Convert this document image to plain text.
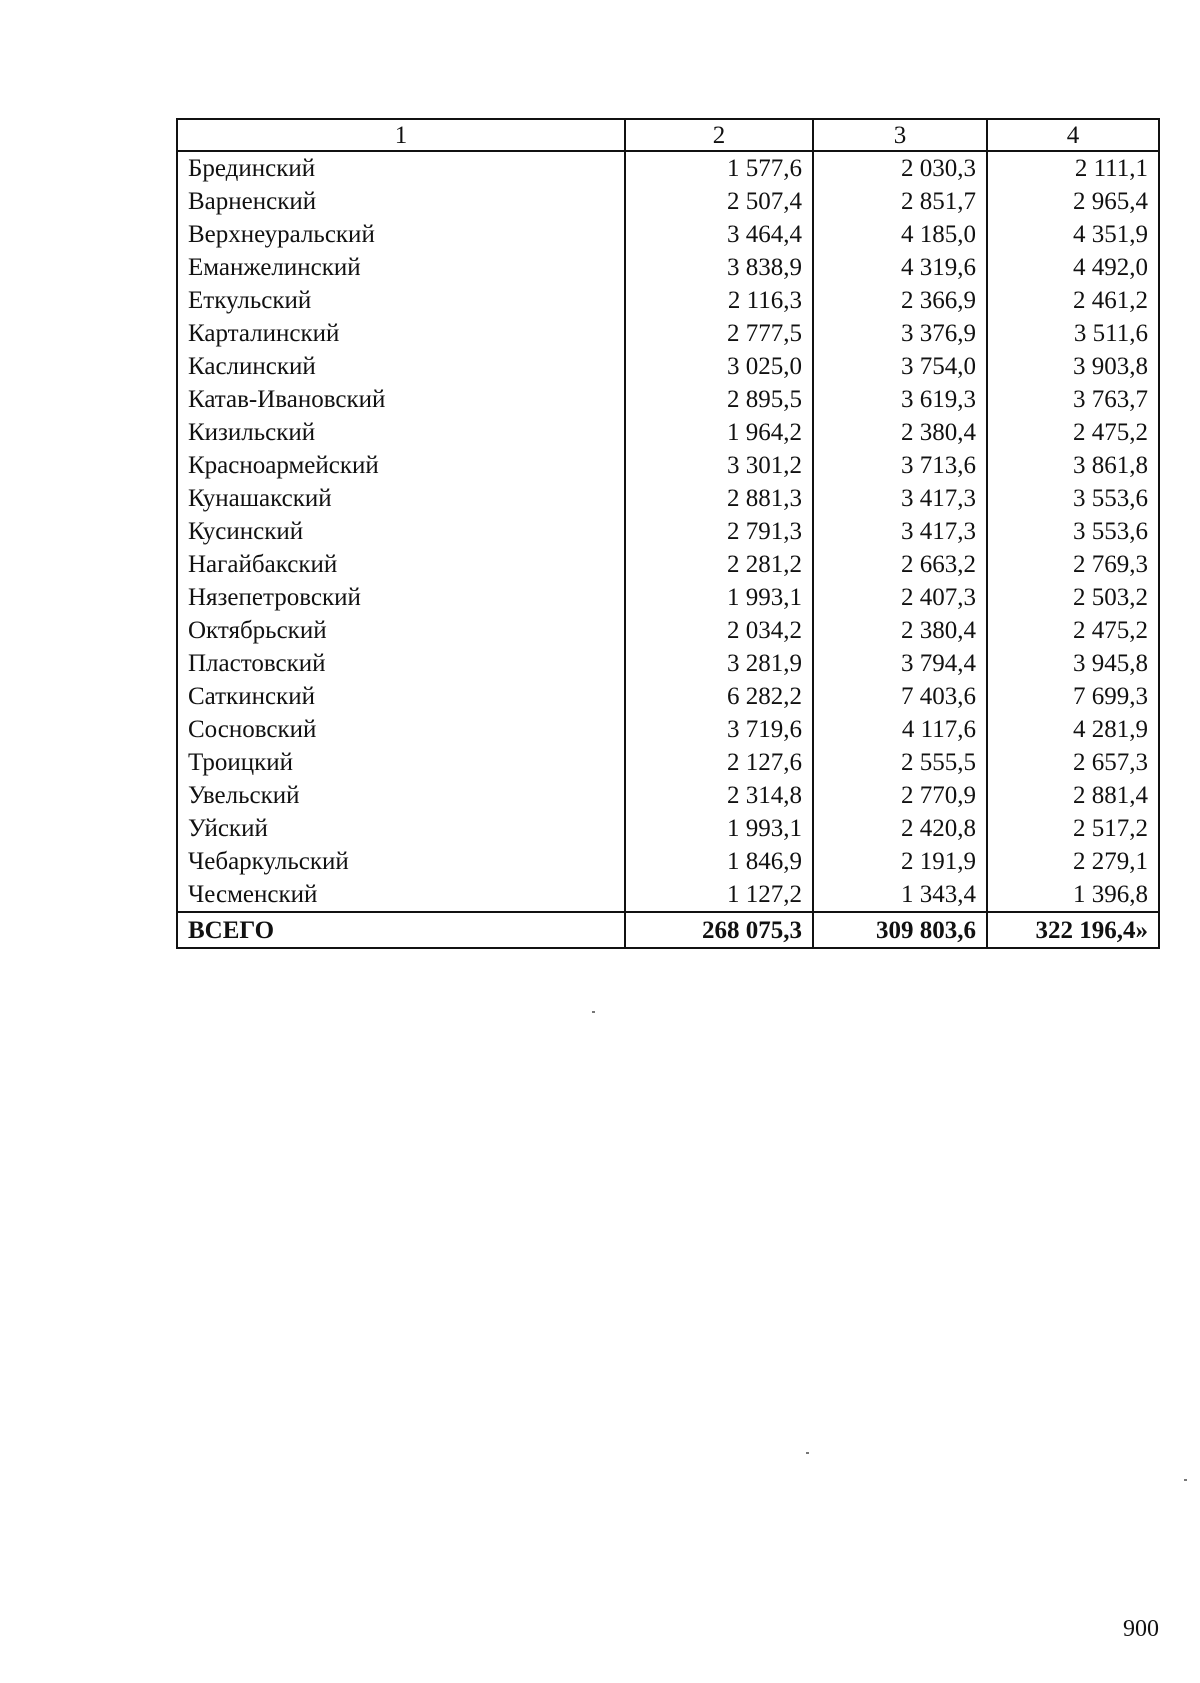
1	2	3	4
Брединский	1 577,6	2 030,3	2 111,1
Варненский	2 507,4	2 851,7	2 965,4
Верхнеуральский	3 464,4	4 185,0	4 351,9
Еманжелинский	3 838,9	4 319,6	4 492,0
Еткульский	2 116,3	2 366,9	2 461,2
Карталинский	2 777,5	3 376,9	3 511,6
Каслинский	3 025,0	3 754,0	3 903,8
Катав-Ивановский	2 895,5	3 619,3	3 763,7
Кизильский	1 964,2	2 380,4	2 475,2
Красноармейский	3 301,2	3 713,6	3 861,8
Кунашакский	2 881,3	3 417,3	3 553,6
Кусинский	2 791,3	3 417,3	3 553,6
Нагайбакский	2 281,2	2 663,2	2 769,3
Нязепетровский	1 993,1	2 407,3	2 503,2
Октябрьский	2 034,2	2 380,4	2 475,2
Пластовский	3 281,9	3 794,4	3 945,8
Саткинский	6 282,2	7 403,6	7 699,3
Сосновский	3 719,6	4 117,6	4 281,9
Троицкий	2 127,6	2 555,5	2 657,3
Увельский	2 314,8	2 770,9	2 881,4
Уйский	1 993,1	2 420,8	2 517,2
Чебаркульский	1 846,9	2 191,9	2 279,1
Чесменский	1 127,2	1 343,4	1 396,8
ВСЕГО	268 075,3	309 803,6	322 196,4»
900
